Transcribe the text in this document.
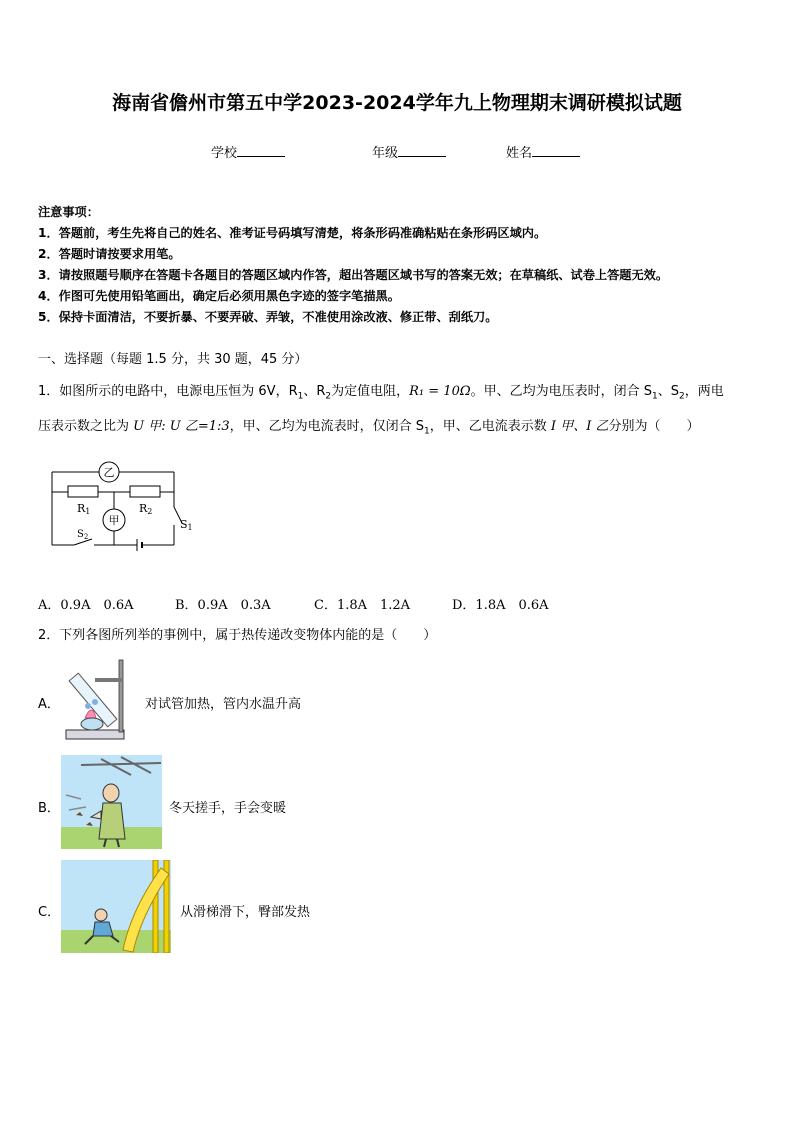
海南省儋州市第五中学2023-2024学年九上物理期末调研模拟试题
学校	年级	姓名
注意事项：
1．答题前，考生先将自己的姓名、准考证号码填写清楚，将条形码准确粘贴在条形码区域内。
2．答题时请按要求用笔。
3．请按照题号顺序在答题卡各题目的答题区域内作答，超出答题区域书写的答案无效；在草稿纸、试卷上答题无效。
4．作图可先使用铅笔画出，确定后必须用黑色字迹的签字笔描黑。
5．保持卡面清洁，不要折暴、不要弄破、弄皱，不准使用涂改液、修正带、刮纸刀。
一、选择题（每题 1.5 分，共 30 题，45 分）
1．如图所示的电路中，电源电压恒为 6V，$R_1$、$R_2$为定值电阻，R₁ = 10Ω。甲、乙均为电压表时，闭合 $S_1$、$S_2$，两电
压表示数之比为 U 甲: U 乙=1:3，甲、乙均为电流表时，仅闭合 $S_1$，甲、乙电流表示数 I 甲、I 乙分别为（　　）
乙
甲
R1	R2
S1
$S_2$
A．0.9A　0.6A	B．0.9A　0.3A	C．1.8A　1.2A	D．1.8A　0.6A
2．下列各图所列举的事例中，属于热传递改变物体内能的是（　　）
A．	对试管加热，管内水温升高
B．	冬天搓手，手会变暖
C．	从滑梯滑下，臀部发热
